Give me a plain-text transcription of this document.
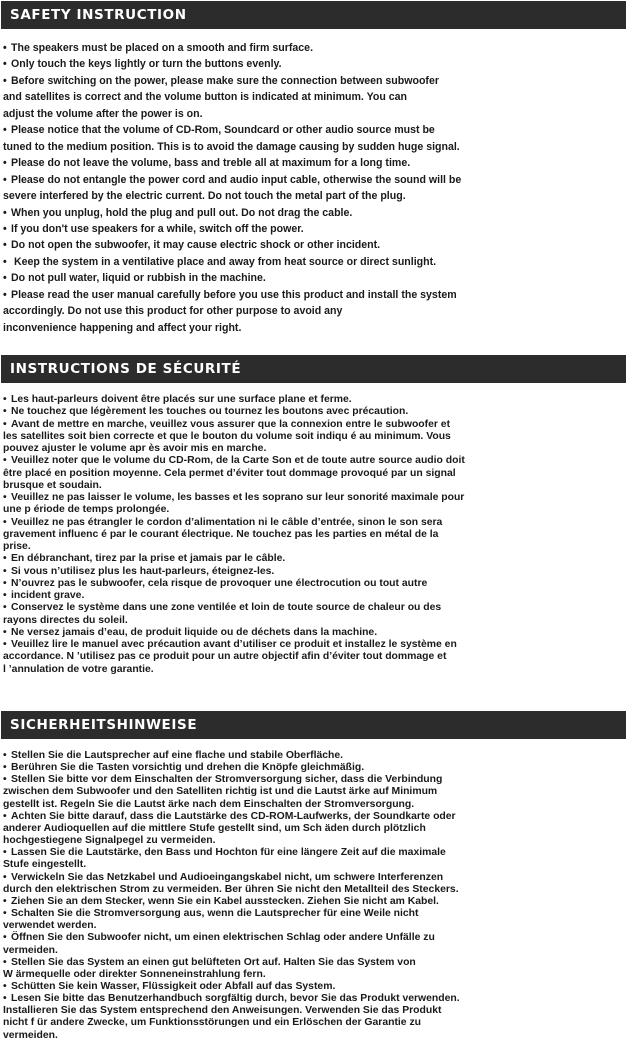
SAFETY INSTRUCTION
• The speakers must be placed on a smooth and firm surface.
• Only touch the keys lightly or turn the buttons evenly.
• Before switching on the power, please make sure the connection between subwoofer
and satellites is correct and the volume button is indicated at minimum. You can
adjust the volume after the power is on.
• Please notice that the volume of CD-Rom, Soundcard or other audio source must be
tuned to the medium position. This is to avoid the damage causing by sudden huge signal.
• Please do not leave the volume, bass and treble all at maximum for a long time.
• Please do not entangle the power cord and audio input cable, otherwise the sound will be
severe interfered by the electric current. Do not touch the metal part of the plug.
• When you unplug, hold the plug and pull out. Do not drag the cable.
• If you don't use speakers for a while, switch off the power.
• Do not open the subwoofer, it may cause electric shock or other incident.
• Keep the system in a ventilative place and away from heat source or direct sunlight.
• Do not pull water, liquid or rubbish in the machine.
• Please read the user manual carefully before you use this product and install the system
accordingly. Do not use this product for other purpose to avoid any
inconvenience happening and affect your right.
INSTRUCTIONS DE SÉCURITÉ
• Les haut-parleurs doivent être placés sur une surface plane et ferme.
• Ne touchez que légèrement les touches ou tournez les boutons avec précaution.
• Avant de mettre en marche, veuillez vous assurer que la connexion entre le subwoofer et
les satellites soit bien correcte et que le bouton du volume soit indiqu é au minimum. Vous
pouvez ajuster le volume apr ès avoir mis en marche.
• Veuillez noter que le volume du CD-Rom, de la Carte Son et de toute autre source audio doit
être placé en position moyenne. Cela permet d’éviter tout dommage provoqué par un signal
brusque et soudain.
• Veuillez ne pas laisser le volume, les basses et les soprano sur leur sonorité maximale pour
une p ériode de temps prolongée.
• Veuillez ne pas étrangler le cordon d’alimentation ni le câble d’entrée, sinon le son sera
gravement influenc é par le courant électrique. Ne touchez pas les parties en métal de la
prise.
• En débranchant, tirez par la prise et jamais par le câble.
• Si vous n’utilisez plus les haut-parleurs, éteignez-les.
• N’ouvrez pas le subwoofer, cela risque de provoquer une électrocution ou tout autre
• incident grave.
• Conservez le système dans une zone ventilée et loin de toute source de chaleur ou des
rayons directes du soleil.
• Ne versez jamais d’eau, de produit liquide ou de déchets dans la machine.
• Veuillez lire le manuel avec précaution avant d’utiliser ce produit et installez le système en
accordance. N ’utilisez pas ce produit pour un autre objectif afin d’éviter tout dommage et
l ’annulation de votre garantie.
SICHERHEITSHINWEISE
• Stellen Sie die Lautsprecher auf eine flache und stabile Oberfläche.
• Berühren Sie die Tasten vorsichtig und drehen die Knöpfe gleichmäßig.
• Stellen Sie bitte vor dem Einschalten der Stromversorgung sicher, dass die Verbindung
zwischen dem Subwoofer und den Satelliten richtig ist und die Lautst ärke auf Minimum
gestellt ist. Regeln Sie die Lautst ärke nach dem Einschalten der Stromversorgung.
• Achten Sie bitte darauf, dass die Lautstärke des CD-ROM-Laufwerks, der Soundkarte oder
anderer Audioquellen auf die mittlere Stufe gestellt sind, um Sch äden durch plötzlich
hochgestiegene Signalpegel zu vermeiden.
• Lassen Sie die Lautstärke, den Bass und Hochton für eine längere Zeit auf die maximale
Stufe eingestellt.
• Verwickeln Sie das Netzkabel und Audioeingangskabel nicht, um schwere Interferenzen
durch den elektrischen Strom zu vermeiden. Ber ühren Sie nicht den Metallteil des Steckers.
• Ziehen Sie an dem Stecker, wenn Sie ein Kabel ausstecken. Ziehen Sie nicht am Kabel.
• Schalten Sie die Stromversorgung aus, wenn die Lautsprecher für eine Weile nicht
verwendet werden.
• Öffnen Sie den Subwoofer nicht, um einen elektrischen Schlag oder andere Unfälle zu
vermeiden.
• Stellen Sie das System an einen gut belüfteten Ort auf. Halten Sie das System von
W ärmequelle oder direkter Sonneneinstrahlung fern.
• Schütten Sie kein Wasser, Flüssigkeit oder Abfall auf das System.
• Lesen Sie bitte das Benutzerhandbuch sorgfältig durch, bevor Sie das Produkt verwenden.
Installieren Sie das System entsprechend den Anweisungen. Verwenden Sie das Produkt
nicht f ür andere Zwecke, um Funktionsstörungen und ein Erlöschen der Garantie zu
vermeiden.
